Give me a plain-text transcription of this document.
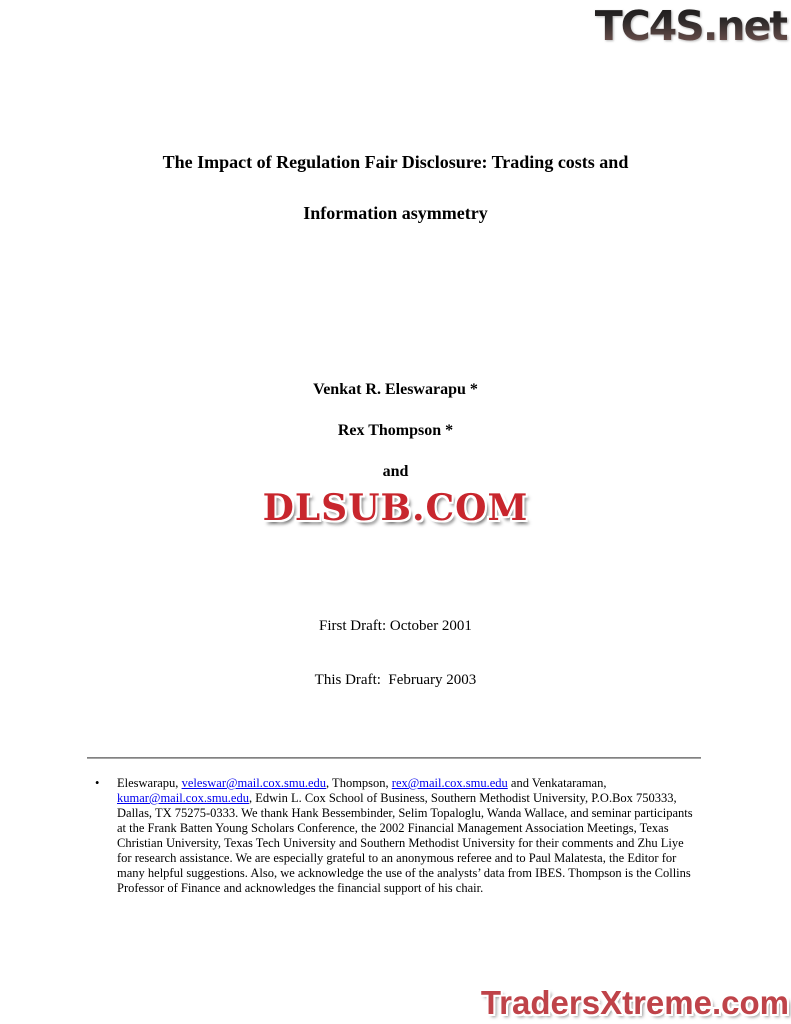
TC4S.net
The Impact of Regulation Fair Disclosure: Trading costs and
Information asymmetry
Venkat R. Eleswarapu *
Rex Thompson *
and
DLSUB.COM

First Draft: October 2001

This Draft:  February 2003

•	Eleswarapu, veleswar@mail.cox.smu.edu, Thompson, rex@mail.cox.smu.edu and Venkataraman, kumar@mail.cox.smu.edu, Edwin L. Cox School of Business, Southern Methodist University, P.O.Box 750333, Dallas, TX 75275-0333. We thank Hank Bessembinder, Selim Topaloglu, Wanda Wallace, and seminar participants at the Frank Batten Young Scholars Conference, the 2002 Financial Management Association Meetings, Texas Christian University, Texas Tech University and Southern Methodist University for their comments and Zhu Liye for research assistance. We are especially grateful to an anonymous referee and to Paul Malatesta, the Editor for many helpful suggestions. Also, we acknowledge the use of the analysts’ data from IBES. Thompson is the Collins Professor of Finance and acknowledges the financial support of his chair.
TradersXtreme.com
